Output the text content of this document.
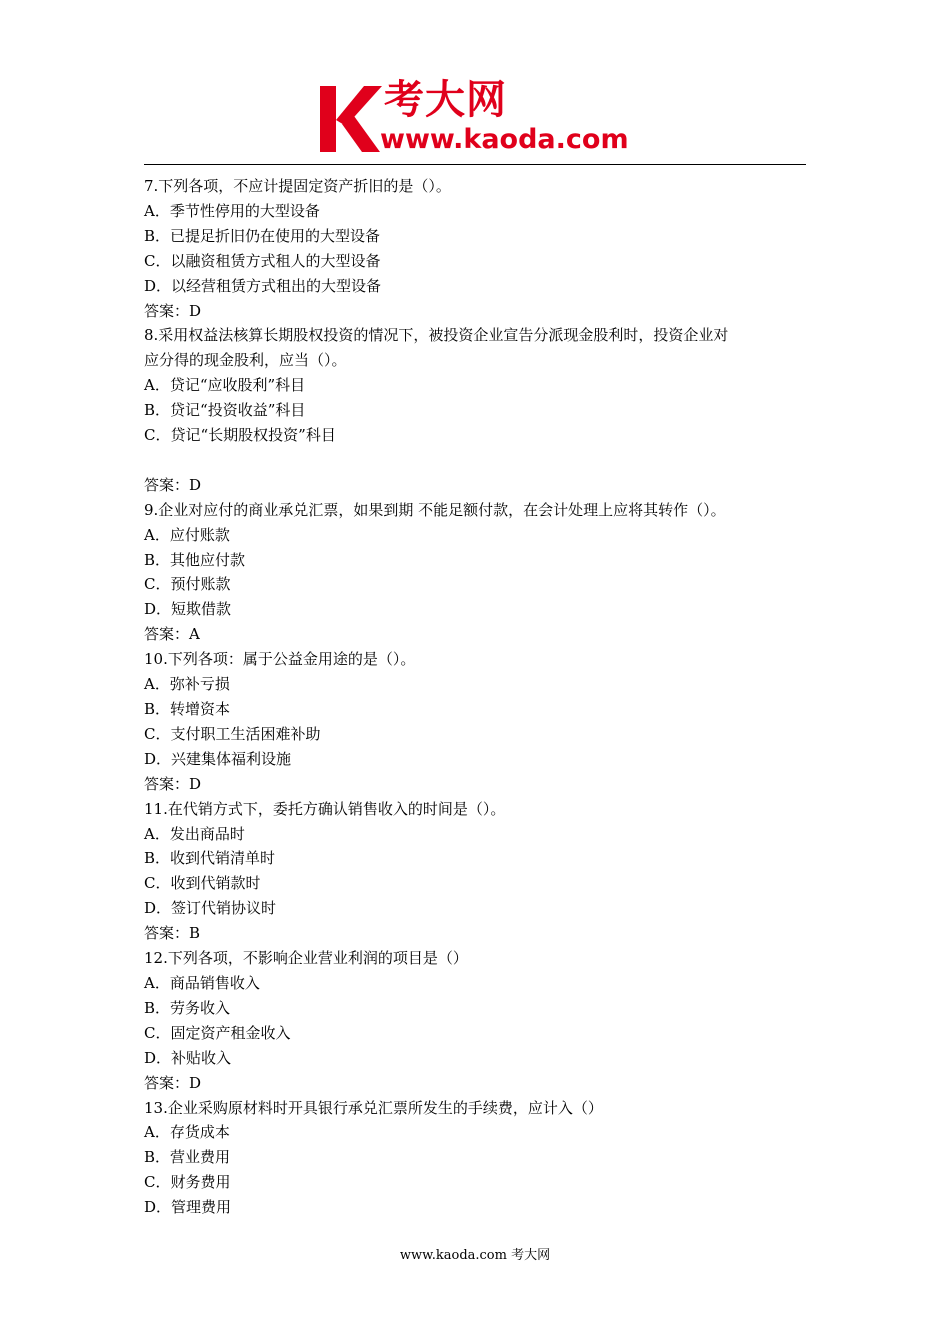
考大网
www.kaoda.com
7.下列各项，不应计提固定资产折旧的是（）。
A．季节性停用的大型设备
B．已提足折旧仍在使用的大型设备
C．以融资租赁方式租人的大型设备
D．以经营租赁方式租出的大型设备
答案：D
8.采用权益法核算长期股权投资的情况下，被投资企业宣告分派现金股利时，投资企业对
应分得的现金股利，应当（）。
A．贷记“应收股利”科目
B．贷记“投资收益”科目
C．贷记“长期股权投资”科目
答案：D
9.企业对应付的商业承兑汇票，如果到期 不能足额付款，在会计处理上应将其转作（）。
A．应付账款
B．其他应付款
C．预付账款
D．短欺借款
答案：A
10.下列各项：属于公益金用途的是（）。
A．弥补亏损
B．转增资本
C．支付职工生活困难补助
D．兴建集体福利设施
答案：D
11.在代销方式下，委托方确认销售收入的时间是（）。
A．发出商品时
B．收到代销清单时
C．收到代销款时
D．签订代销协议时
答案：B
12.下列各项，不影响企业营业利润的项目是（）
A．商品销售收入
B．劳务收入
C．固定资产租金收入
D．补贴收入
答案：D
13.企业采购原材料时开具银行承兑汇票所发生的手续费，应计入（）
A．存货成本
B．营业费用
C．财务费用
D．管理费用
www.kaoda.com 考大网
